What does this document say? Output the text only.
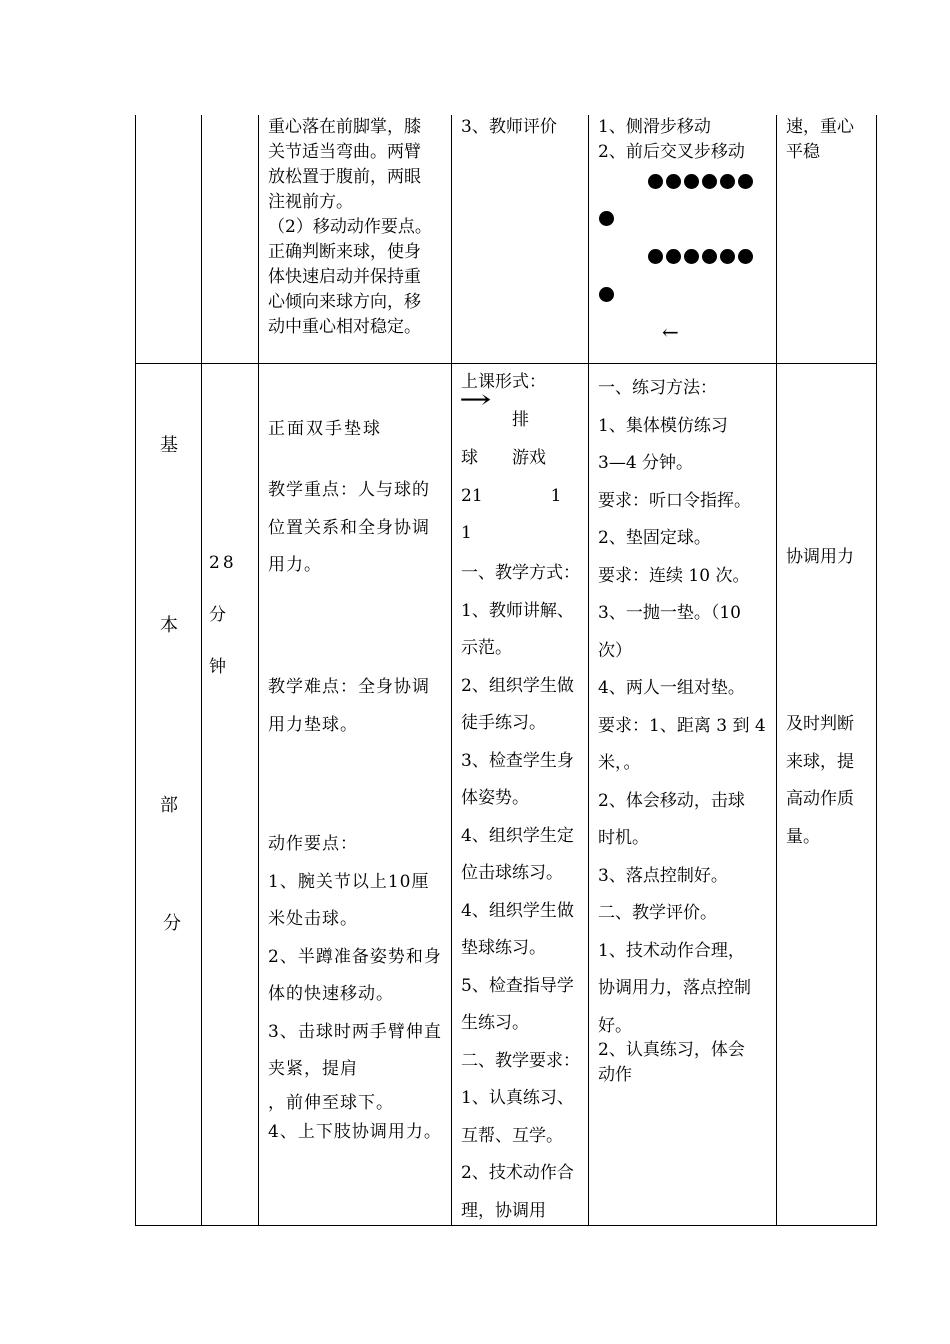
重心落在前脚掌，膝
关节适当弯曲。两臂
放松置于腹前，两眼
注视前方。
（2）移动动作要点。
正确判断来球，使身
体快速启动并保持重
心倾向来球方向，移
动中重心相对稳定。
3、教师评价 1、侧滑步移动
2、前后交叉步移动
←
速，重心
平稳
基
本
部
分
28
分
钟
正面双手垫球
教学重点：人与球的
位置关系和全身协调
用力。
教学难点：全身协调
用力垫球。
动作要点：
1、腕关节以上10厘
米处击球。
2、半蹲准备姿势和身
体的快速移动。
3、击球时两手臂伸直
夹紧，提肩
，前伸至球下。
4、上下肢协调用力。
上课形式：
→
排
球　　游戏
21　　　　1
1
一、教学方式：
1、教师讲解、
示范。
2、组织学生做
徒手练习。
3、检查学生身
体姿势。
4、组织学生定
位击球练习。
4、组织学生做
垫球练习。
5、检查指导学
生练习。
二、教学要求：
1、认真练习、
互帮、互学。
2、技术动作合
理，协调用
一、练习方法：
1、集体模仿练习
3—4 分钟。
要求：听口令指挥。
2、垫固定球。
要求：连续 10 次。
3、一抛一垫。（10
次）
4、两人一组对垫。
要求：1、距离 3 到 4
米，。
2、体会移动，击球
时机。
3、落点控制好。
二、教学评价。
1、技术动作合理，
协调用力，落点控制
好。
2、认真练习，体会
动作
协调用力
及时判断
来球，提
高动作质
量。
